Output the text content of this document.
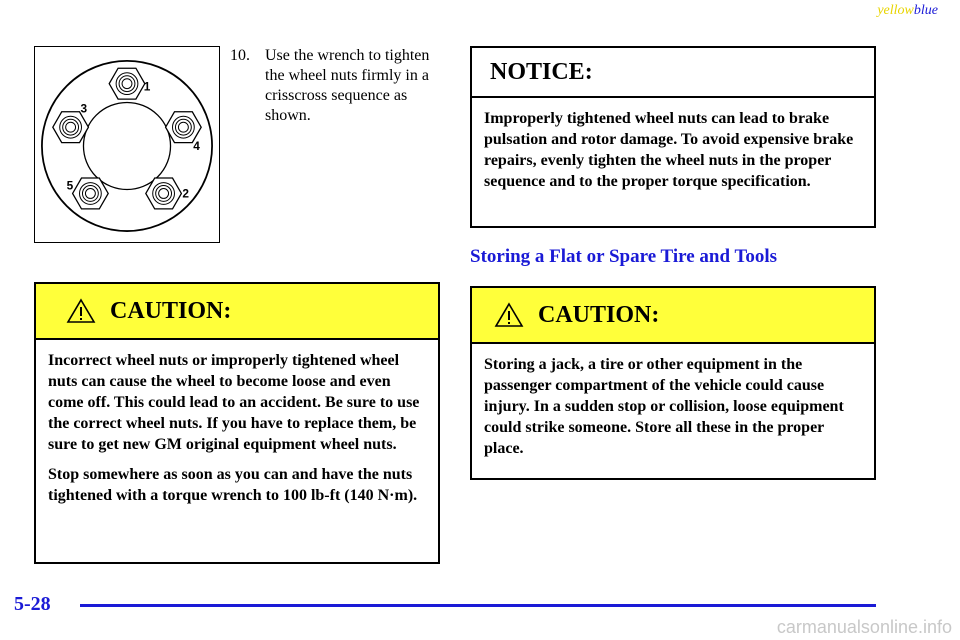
yellowblue
1
2
3
4
5
10. Use the wrench to tighten the wheel nuts firmly in a crisscross sequence as shown.
CAUTION:

Incorrect wheel nuts or improperly tightened wheel nuts can cause the wheel to become loose and even come off. This could lead to an accident. Be sure to use the correct wheel nuts. If you have to replace them, be sure to get new GM original equipment wheel nuts.

Stop somewhere as soon as you can and have the nuts tightened with a torque wrench to 100 lb-ft (140 N·m).

NOTICE:

Improperly tightened wheel nuts can lead to brake pulsation and rotor damage. To avoid expensive brake repairs, evenly tighten the wheel nuts in the proper sequence and to the proper torque specification.

Storing a Flat or Spare Tire and Tools
CAUTION:

Storing a jack, a tire or other equipment in the passenger compartment of the vehicle could cause injury. In a sudden stop or collision, loose equipment could strike someone. Store all these in the proper place.

5-28
carmanualsonline.info
